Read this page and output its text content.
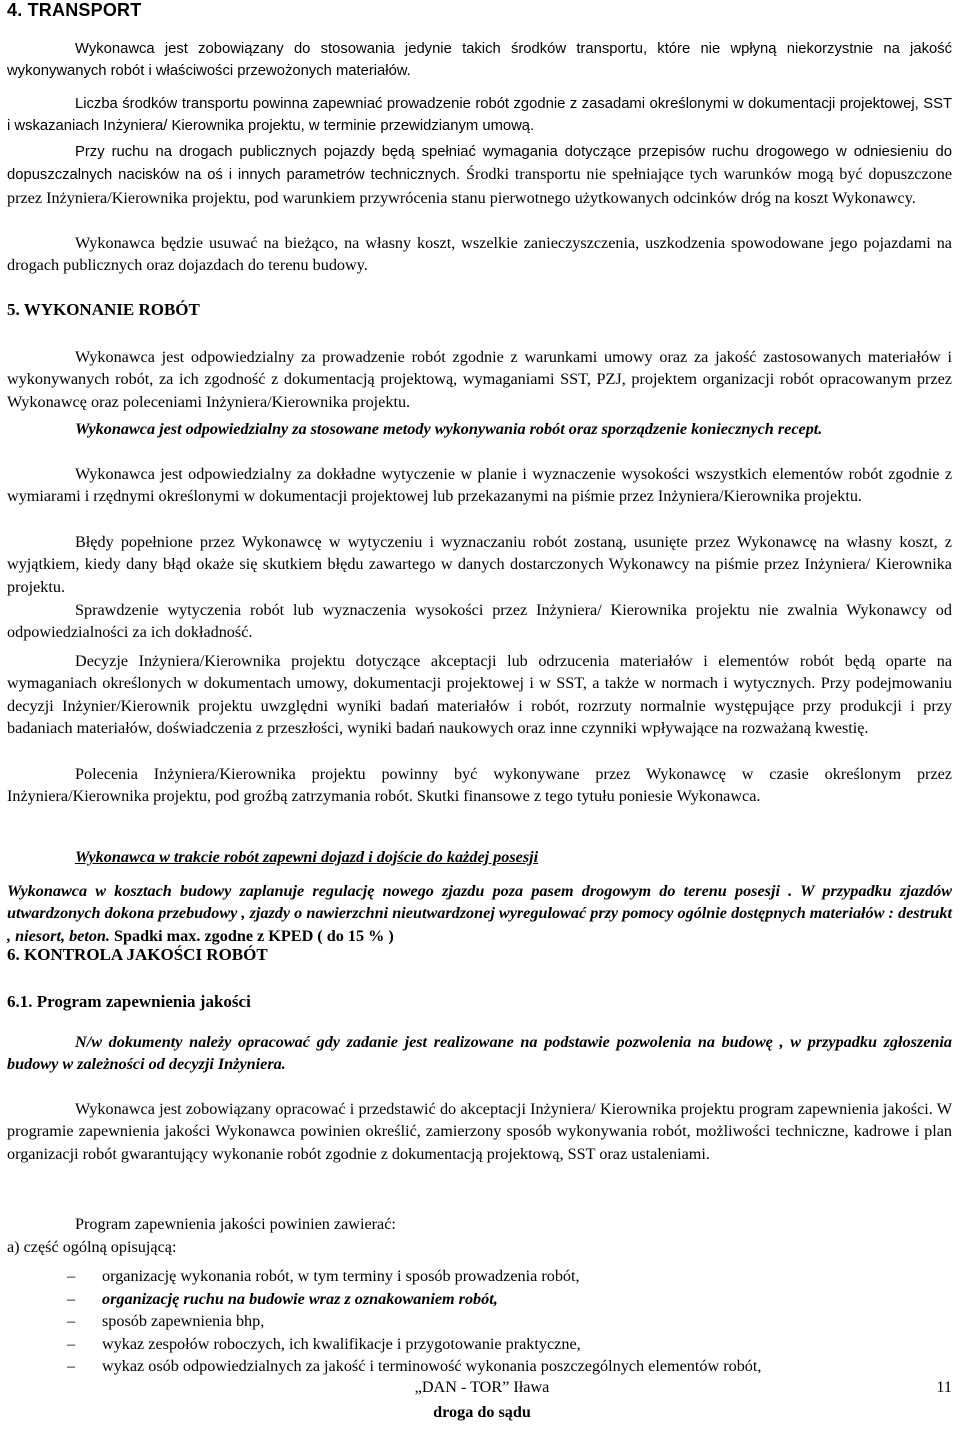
4. TRANSPORT

Wykonawca jest zobowiązany do stosowania jedynie takich środków transportu, które nie wpłyną niekorzystnie na jakość wykonywanych robót i właściwości przewożonych materiałów.

Liczba środków transportu powinna zapewniać prowadzenie robót zgodnie z zasadami określonymi w dokumentacji projektowej, SST i wskazaniach Inżyniera/ Kierownika projektu, w terminie przewidzianym umową.

Przy ruchu na drogach publicznych pojazdy będą spełniać wymagania dotyczące przepisów ruchu drogowego w odniesieniu do dopuszczalnych nacisków na oś i innych parametrów technicznych. Środki transportu nie spełniające tych warunków mogą być dopuszczone przez Inżyniera/Kierownika projektu, pod warunkiem przywrócenia stanu pierwotnego użytkowanych odcinków dróg na koszt Wykonawcy.

Wykonawca będzie usuwać na bieżąco, na własny koszt, wszelkie zanieczyszczenia, uszkodzenia spowodowane jego pojazdami na drogach publicznych oraz dojazdach do terenu budowy.

5. WYKONANIE ROBÓT

Wykonawca jest odpowiedzialny za prowadzenie robót zgodnie z warunkami umowy oraz za jakość zastosowanych materiałów i wykonywanych robót, za ich zgodność z dokumentacją projektową, wymaganiami SST, PZJ, projektem organizacji robót opracowanym przez Wykonawcę oraz poleceniami Inżyniera/Kierownika projektu.

Wykonawca jest odpowiedzialny za stosowane metody wykonywania robót oraz sporządzenie koniecznych recept.

Wykonawca jest odpowiedzialny za dokładne wytyczenie w planie i wyznaczenie wysokości wszystkich elementów robót zgodnie z wymiarami i rzędnymi określonymi w dokumentacji projektowej lub przekazanymi na piśmie przez Inżyniera/Kierownika projektu.

Błędy popełnione przez Wykonawcę w wytyczeniu i wyznaczaniu robót zostaną, usunięte przez Wykonawcę na własny koszt, z wyjątkiem, kiedy dany błąd okaże się skutkiem błędu zawartego w danych dostarczonych Wykonawcy na piśmie przez Inżyniera/ Kierownika projektu.

Sprawdzenie wytyczenia robót lub wyznaczenia wysokości przez Inżyniera/ Kierownika projektu nie zwalnia Wykonawcy od odpowiedzialności za ich dokładność.

Decyzje Inżyniera/Kierownika projektu dotyczące akceptacji lub odrzucenia materiałów i elementów robót będą oparte na wymaganiach określonych w dokumentach umowy, dokumentacji projektowej i w SST, a także w normach i wytycznych. Przy podejmowaniu decyzji Inżynier/Kierownik projektu uwzględni wyniki badań materiałów i robót, rozrzuty normalnie występujące przy produkcji i przy badaniach materiałów, doświadczenia z przeszłości, wyniki badań naukowych oraz inne czynniki wpływające na rozważaną kwestię.

Polecenia Inżyniera/Kierownika projektu powinny być wykonywane przez Wykonawcę w czasie określonym przez Inżyniera/Kierownika projektu, pod groźbą zatrzymania robót. Skutki finansowe z tego tytułu poniesie Wykonawca.

Wykonawca w trakcie robót zapewni dojazd i dojście do każdej posesji

Wykonawca w kosztach budowy zaplanuje regulację nowego zjazdu poza pasem drogowym do terenu posesji . W przypadku zjazdów utwardzonych dokona przebudowy , zjazdy o nawierzchni nieutwardzonej wyregulować przy pomocy ogólnie dostępnych materiałów : destrukt , niesort, beton. Spadki max. zgodne z KPED ( do 15 % )

6. KONTROLA JAKOŚCI ROBÓT
6.1. Program zapewnienia jakości

N/w dokumenty należy opracować gdy zadanie jest realizowane na podstawie pozwolenia na budowę , w przypadku zgłoszenia budowy w zależności od decyzji Inżyniera.

Wykonawca jest zobowiązany opracować i przedstawić do akceptacji Inżyniera/ Kierownika projektu program zapewnienia jakości. W programie zapewnienia jakości Wykonawca powinien określić, zamierzony sposób wykonywania robót, możliwości techniczne, kadrowe i plan organizacji robót gwarantujący wykonanie robót zgodnie z dokumentacją projektową, SST oraz ustaleniami.

Program zapewnienia jakości powinien zawierać:

a) część ogólną opisującą:

– organizację wykonania robót, w tym terminy i sposób prowadzenia robót,
– organizację ruchu na budowie wraz z oznakowaniem robót,
– sposób zapewnienia bhp,
– wykaz zespołów roboczych, ich kwalifikacje i przygotowanie praktyczne,
– wykaz osób odpowiedzialnych za jakość i terminowość wykonania poszczególnych elementów robót,
„DAN - TOR” Iława
droga do sądu
11
